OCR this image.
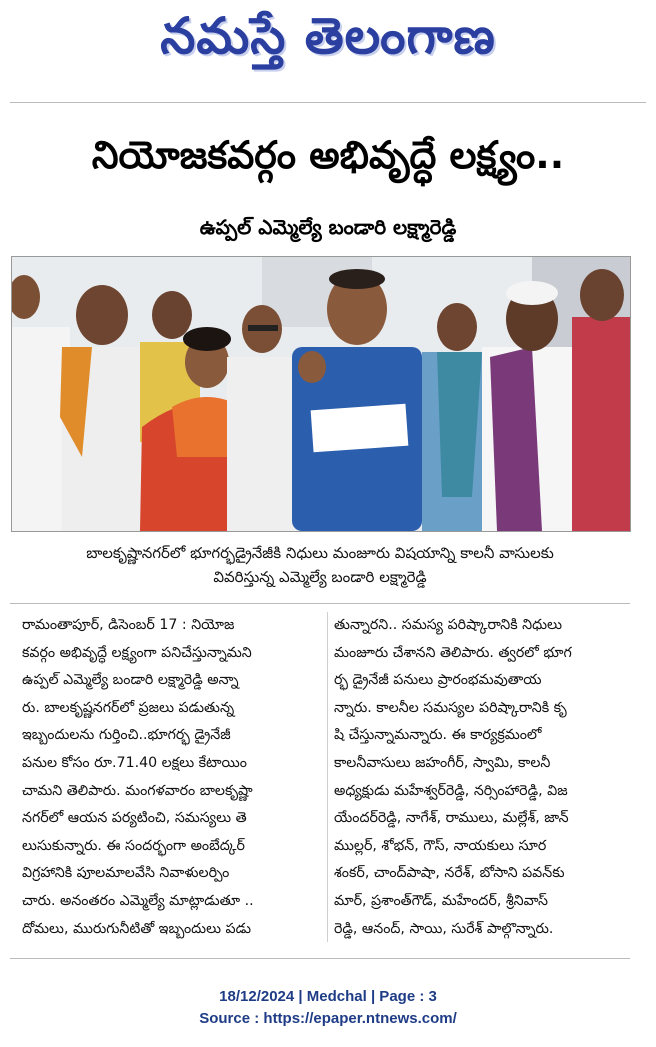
నమస్తే తెలంగాణ
నియోజకవర్గం అభివృద్ధే లక్ష్యం..
ఉప్పల్ ఎమ్మెల్యే బండారి లక్ష్మారెడ్డి
బాలకృష్ణానగర్‌లో భూగర్భడ్రైనేజీకి నిధులు మంజూరు విషయాన్ని కాలనీ వాసులకు
వివరిస్తున్న ఎమ్మెల్యే బండారి లక్ష్మారెడ్డి
రామంతాపూర్, డిసెంబర్ 17 : నియోజ
కవర్గం అభివృద్ధే లక్ష్యంగా పనిచేస్తున్నామని
ఉప్పల్ ఎమ్మెల్యే బండారి లక్ష్మారెడ్డి అన్నా
రు. బాలకృష్ణనగర్‌లో ప్రజలు పడుతున్న
ఇబ్బందులను గుర్తించి..భూగర్భ డ్రైనేజీ
పనుల కోసం రూ.71.40 లక్షలు కేటాయిం
చామని తెలిపారు. మంగళవారం బాలకృష్ణా
నగర్‌లో ఆయన పర్యటించి, సమస్యలు తె
లుసుకున్నారు. ఈ సందర్భంగా అంబేద్కర్
విగ్రహానికి పూలమాలవేసి నివాళులర్పిం
చారు. అనంతరం ఎమ్మెల్యే మాట్లాడుతూ ..
దోమలు, మురుగునీటితో ఇబ్బందులు పడు
తున్నారని.. సమస్య పరిష్కారానికి నిధులు
మంజూరు చేశానని తెలిపారు. త్వరలో భూగ
ర్భ డ్రైనేజీ పనులు ప్రారంభమవుతాయ
న్నారు. కాలనీల సమస్యల పరిష్కారానికి కృ
షి చేస్తున్నామన్నారు. ఈ కార్యక్రమంలో
కాలనీవాసులు జహంగీర్, స్వామి, కాలనీ
అధ్యక్షుడు మహేశ్వర్‌రెడ్డి, నర్సింహారెడ్డి, విజ
యేందర్‌రెడ్డి, నాగేశ్, రాములు, మల్లేశ్, జాన్
ముల్లర్, శోభన్, గౌస్, నాయకులు సూర
శంకర్, చాంద్‌పాషా, నరేశ్, బోసాని పవన్‌కు
మార్, ప్రశాంత్‌గౌడ్, మహేందర్, శ్రీనివాస్
రెడ్డి, ఆనంద్, సాయి, సురేశ్ పాల్గొన్నారు.
18/12/2024 | Medchal | Page : 3
Source : https://epaper.ntnews.com/
